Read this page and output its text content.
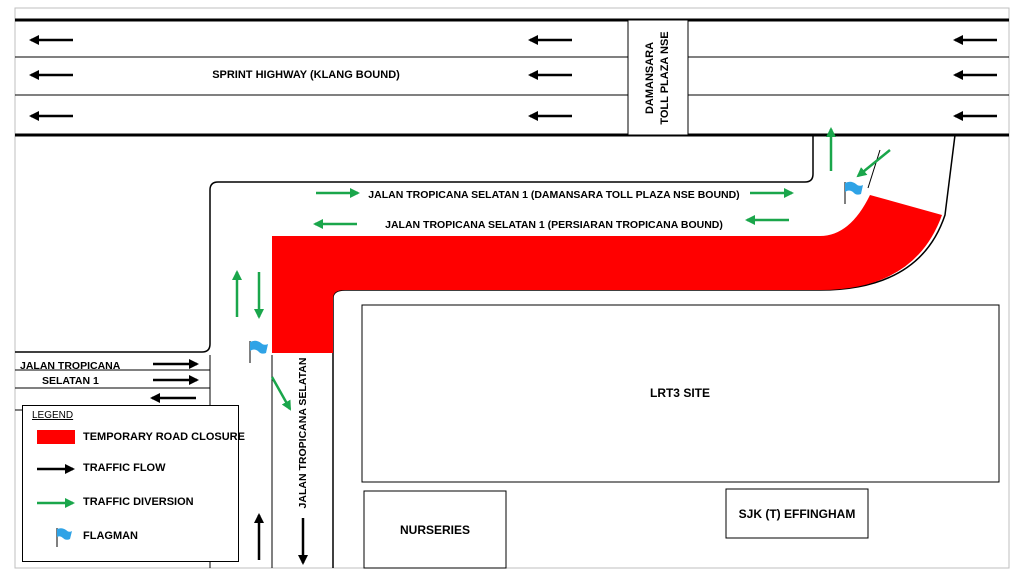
DAMANSARA TOLL PLAZA NSE
SPRINT HIGHWAY (KLANG BOUND)
LRT3 SITE
NURSERIES
SJK (T) EFFINGHAM
JALAN TROPICANA SELATAN 1 (DAMANSARA TOLL PLAZA NSE BOUND)
JALAN TROPICANA SELATAN 1 (PERSIARAN TROPICANA BOUND)
JALAN TROPICANA
SELATAN 1	JALAN TROPICANA SELATAN
LEGEND
TEMPORARY ROAD CLOSURE
TRAFFIC FLOW
TRAFFIC DIVERSION
FLAGMAN
